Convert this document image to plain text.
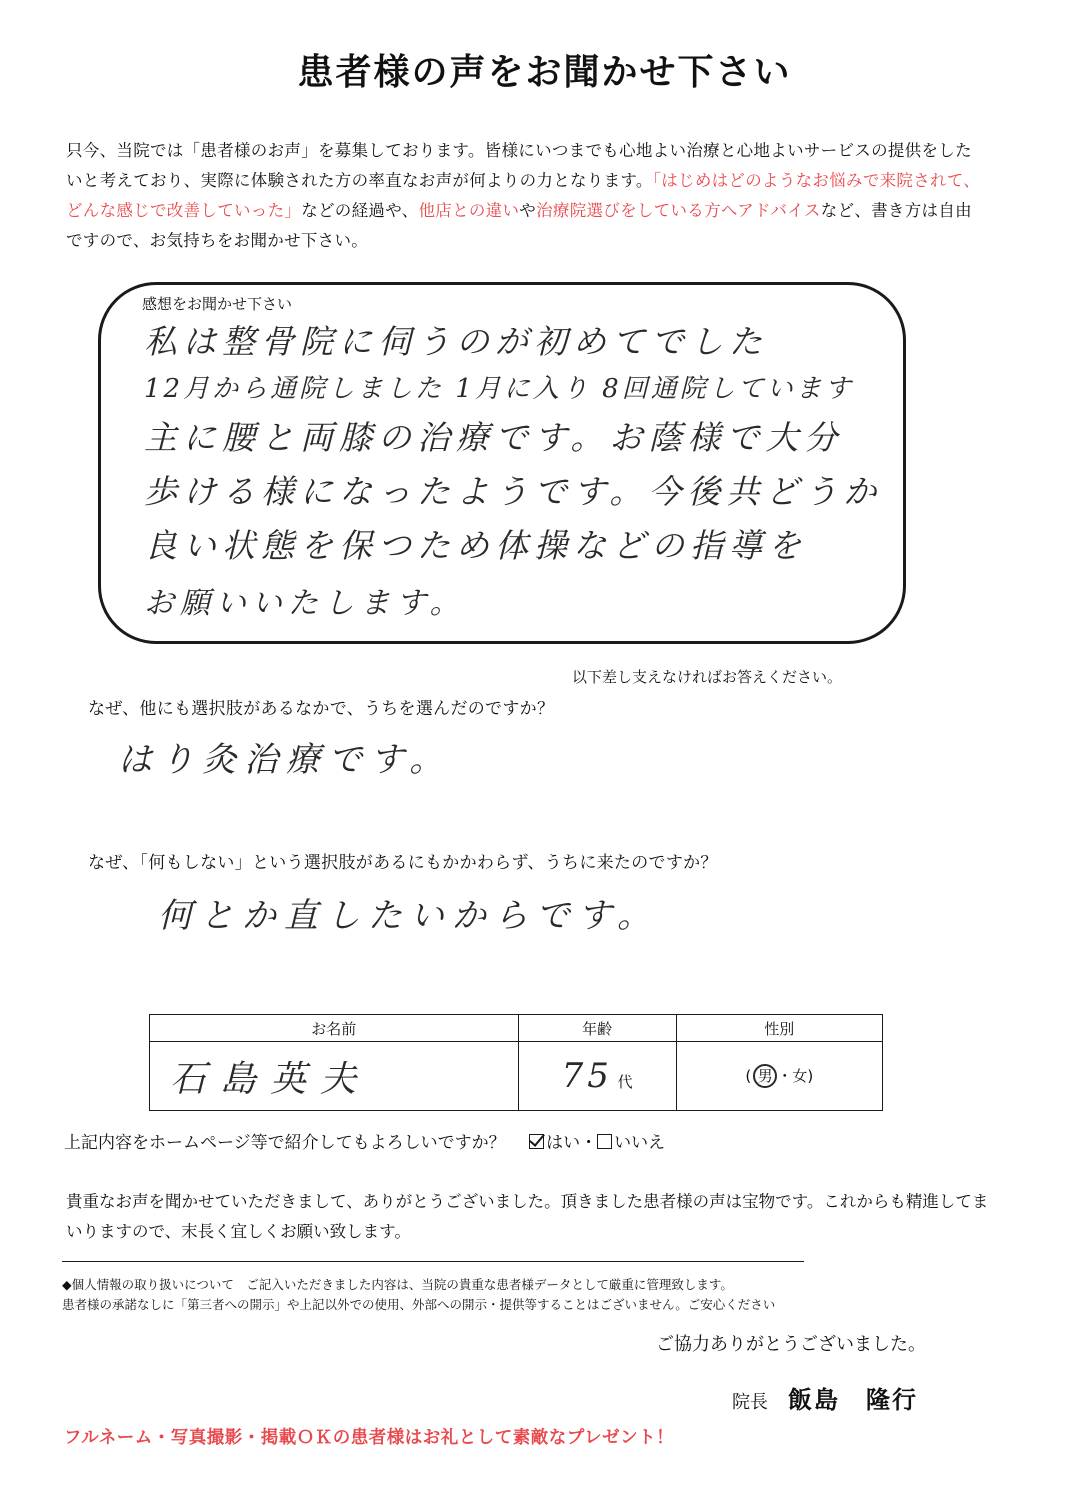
患者様の声をお聞かせ下さい
只今、当院では「患者様のお声」を募集しております。皆様にいつまでも心地よい治療と心地よいサービスの提供をしたいと考えており、実際に体験された方の率直なお声が何よりの力となります。「はじめはどのようなお悩みで来院されて、どんな感じで改善していった」などの経過や、他店との違いや治療院選びをしている方へアドバイスなど、書き方は自由ですので、お気持ちをお聞かせ下さい。
感想をお聞かせ下さい
私は整骨院に伺うのが初めてでした
12月から通院しました 1月に入り 8回通院しています
主に腰と両膝の治療です。お蔭様で大分
歩ける様になったようです。今後共どうか
良い状態を保つため体操などの指導を
お願いいたします。
以下差し支えなければお答えください。
なぜ、他にも選択肢があるなかで、うちを選んだのですか？
はり灸治療です。
なぜ、「何もしない」という選択肢があるにもかかわらず、うちに来たのですか？
何とか直したいからです。
お名前	年齢	性別
石島英夫	75 代	( 男 ・女)
上記内容をホームページ等で紹介してもよろしいですか？ はい・ いいえ
貴重なお声を聞かせていただきまして、ありがとうございました。頂きました患者様の声は宝物です。これからも精進してまいりますので、末長く宜しくお願い致します。
◆個人情報の取り扱いについて　ご記入いただきました内容は、当院の貴重な患者様データとして厳重に管理致します。
患者様の承諾なしに「第三者への開示」や上記以外での使用、外部への開示・提供等することはございません。ご安心ください
ご協力ありがとうございました。
院長 飯島　隆行
フルネーム・写真撮影・掲載ＯＫの患者様はお礼として素敵なプレゼント！
